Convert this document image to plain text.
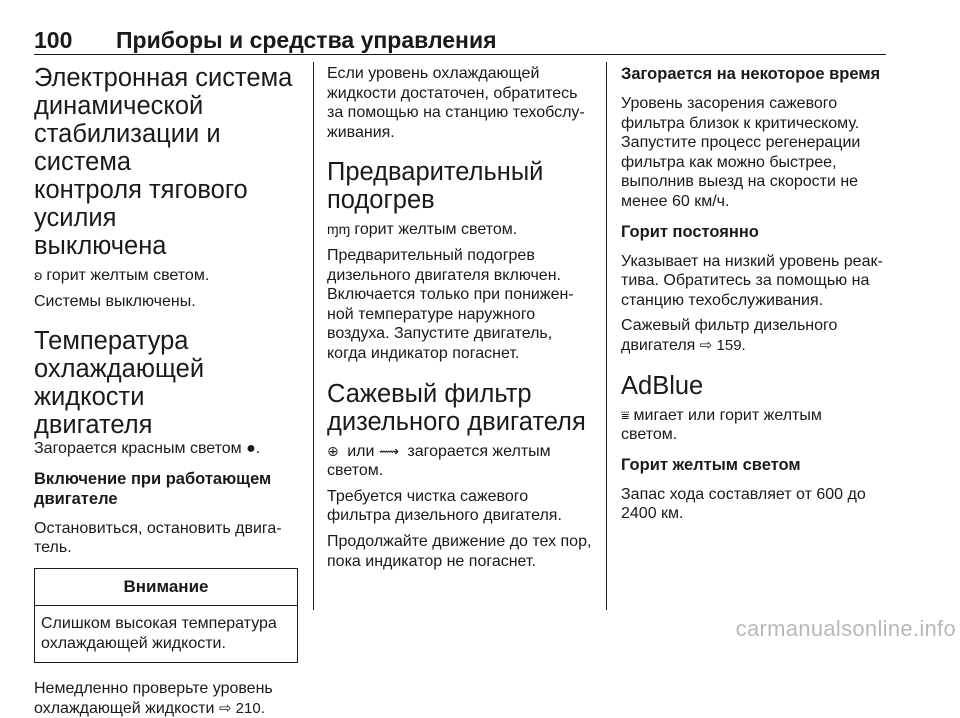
100 Приборы и средства управления
Электронная система
динамической
стабилизации и система
контроля тягового усилия
выключена

ꞝ горит желтым светом.

Системы выключены.

Температура
охлаждающей жидкости
двигателя

Загорается красным светом ●.

Включение при работающем
двигателе

Остановиться, остановить двига‑
тель.

Внимание
Слишком высокая температура
охлаждающей жидкости.

Немедленно проверьте уровень
охлаждающей жидкости ⇨ 210.

Если уровень охлаждающей
жидкости достаточен, обратитесь
за помощью на станцию техобслу‑
живания.

Предварительный
подогрев

ɱɱ горит желтым светом.

Предварительный подогрев
дизельного двигателя включен.
Включается только при понижен‑
ной температуре наружного
воздуха. Запустите двигатель,
когда индикатор погаснет.

Сажевый фильтр
дизельного двигателя

⊕ или ⟿ загорается желтым
светом.

Требуется чистка сажевого
фильтра дизельного двигателя.

Продолжайте движение до тех пор,
пока индикатор не погаснет.

Загорается на некоторое время

Уровень засорения сажевого
фильтра близок к критическому.
Запустите процесс регенерации
фильтра как можно быстрее,
выполнив выезд на скорости не
менее 60 км/ч.

Горит постоянно

Указывает на низкий уровень реак‑
тива. Обратитесь за помощью на
станцию техобслуживания.

Сажевый фильтр дизельного
двигателя ⇨ 159.

AdBlue

⩸ мигает или горит желтым
светом.

Горит желтым светом

Запас хода составляет от 600 до
2400 км.

carmanualsonline.info
